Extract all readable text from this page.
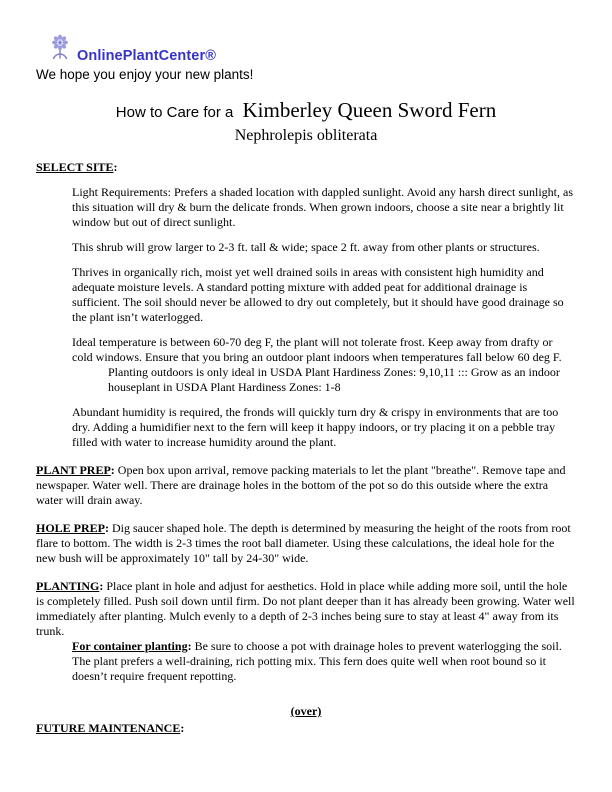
OnlinePlantCenter®
We hope you enjoy your new plants!
How to Care for a Kimberley Queen Sword Fern
Nephrolepis obliterata

SELECT SITE:

Light Requirements: Prefers a shaded location with dappled sunlight. Avoid any harsh direct sunlight, as this situation will dry & burn the delicate fronds. When grown indoors, choose a site near a brightly lit window but out of direct sunlight.

This shrub will grow larger to 2-3 ft. tall & wide; space 2 ft. away from other plants or structures.

Thrives in organically rich, moist yet well drained soils in areas with consistent high humidity and adequate moisture levels. A standard potting mixture with added peat for additional drainage is sufficient. The soil should never be allowed to dry out completely, but it should have good drainage so the plant isn’t waterlogged.

Ideal temperature is between 60-70 deg F, the plant will not tolerate frost. Keep away from drafty or cold windows. Ensure that you bring an outdoor plant indoors when temperatures fall below 60 deg F.

Planting outdoors is only ideal in USDA Plant Hardiness Zones: 9,10,11 ::: Grow as an indoor houseplant in USDA Plant Hardiness Zones: 1-8

Abundant humidity is required, the fronds will quickly turn dry & crispy in environments that are too dry. Adding a humidifier next to the fern will keep it happy indoors, or try placing it on a pebble tray filled with water to increase humidity around the plant.

PLANT PREP: Open box upon arrival, remove packing materials to let the plant "breathe". Remove tape and newspaper. Water well. There are drainage holes in the bottom of the pot so do this outside where the extra water will drain away.

HOLE PREP: Dig saucer shaped hole. The depth is determined by measuring the height of the roots from root flare to bottom. The width is 2-3 times the root ball diameter. Using these calculations, the ideal hole for the new bush will be approximately 10" tall by 24-30" wide.

PLANTING: Place plant in hole and adjust for aesthetics. Hold in place while adding more soil, until the hole is completely filled. Push soil down until firm. Do not plant deeper than it has already been growing. Water well immediately after planting. Mulch evenly to a depth of 2-3 inches being sure to stay at least 4" away from its trunk.

For container planting: Be sure to choose a pot with drainage holes to prevent waterlogging the soil. The plant prefers a well-draining, rich potting mix. This fern does quite well when root bound so it doesn’t require frequent repotting.

(over)

FUTURE MAINTENANCE:
